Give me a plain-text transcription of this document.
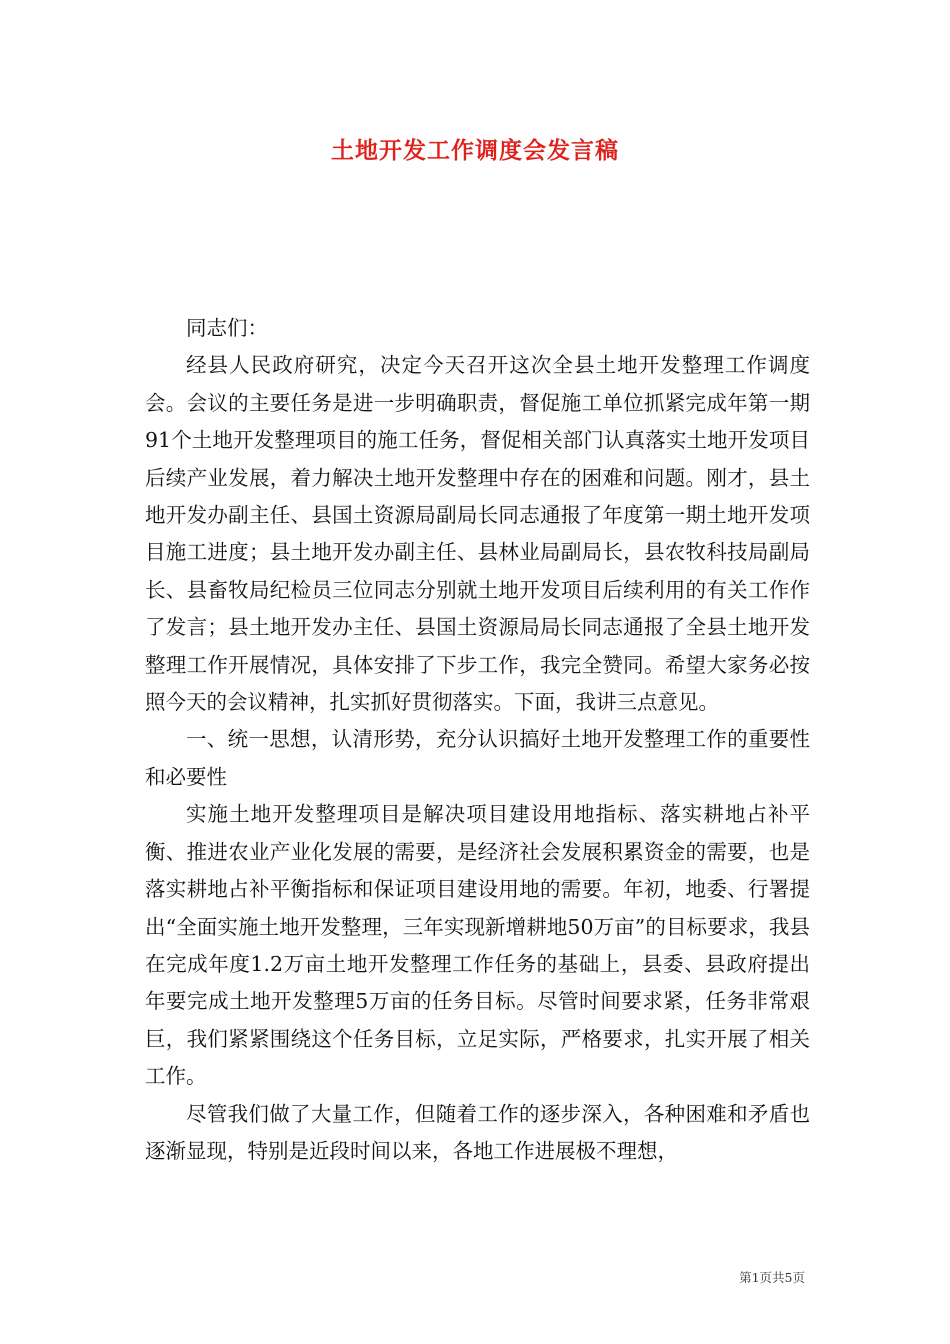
土地开发工作调度会发言稿

同志们：

经县人民政府研究，决定今天召开这次全县土地开发整理工作调度会。会议的主要任务是进一步明确职责，督促施工单位抓紧完成年第一期91个土地开发整理项目的施工任务，督促相关部门认真落实土地开发项目后续产业发展，着力解决土地开发整理中存在的困难和问题。刚才，县土地开发办副主任、县国土资源局副局长同志通报了年度第一期土地开发项目施工进度；县土地开发办副主任、县林业局副局长，县农牧科技局副局长、县畜牧局纪检员三位同志分别就土地开发项目后续利用的有关工作作了发言；县土地开发办主任、县国土资源局局长同志通报了全县土地开发整理工作开展情况，具体安排了下步工作，我完全赞同。希望大家务必按照今天的会议精神，扎实抓好贯彻落实。下面，我讲三点意见。

一、统一思想，认清形势，充分认识搞好土地开发整理工作的重要性和必要性

实施土地开发整理项目是解决项目建设用地指标、落实耕地占补平衡、推进农业产业化发展的需要，是经济社会发展积累资金的需要，也是落实耕地占补平衡指标和保证项目建设用地的需要。年初，地委、行署提出“全面实施土地开发整理，三年实现新增耕地50万亩”的目标要求，我县在完成年度1.2万亩土地开发整理工作任务的基础上，县委、县政府提出年要完成土地开发整理5万亩的任务目标。尽管时间要求紧，任务非常艰巨，我们紧紧围绕这个任务目标，立足实际，严格要求，扎实开展了相关工作。

尽管我们做了大量工作，但随着工作的逐步深入，各种困难和矛盾也逐渐显现，特别是近段时间以来，各地工作进展极不理想，

第1页共5页
